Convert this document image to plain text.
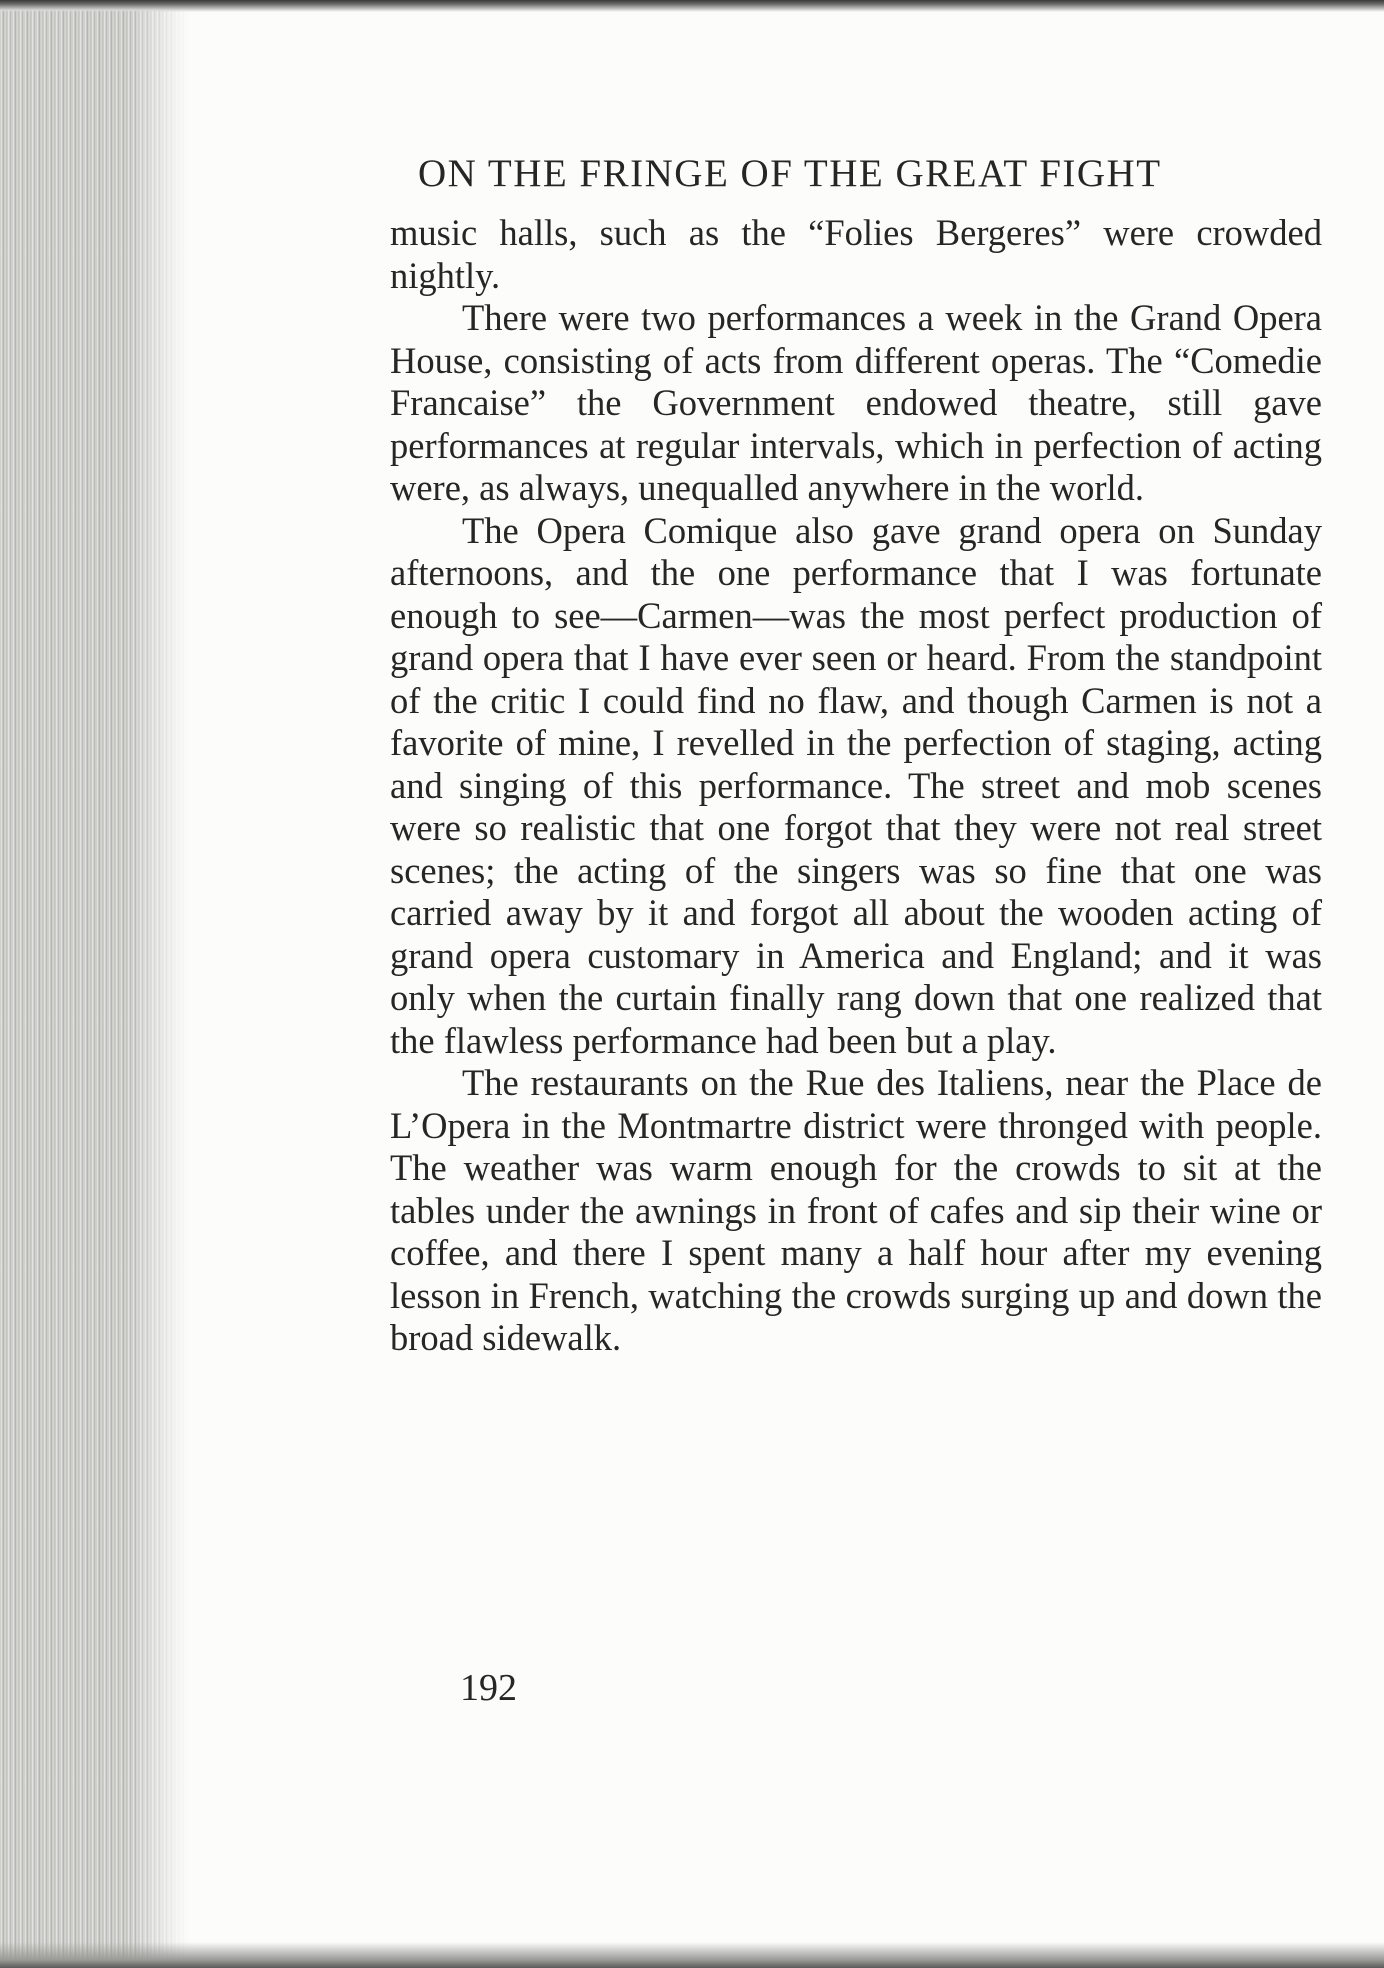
ON THE FRINGE OF THE GREAT FIGHT

music halls, such as the “Folies Bergeres” were crowded nightly.

There were two performances a week in the Grand Opera House, consisting of acts from different operas. The “Comedie Francaise” the Government endowed theatre, still gave performances at regular intervals, which in perfection of acting were, as always, unequalled anywhere in the world.

The Opera Comique also gave grand opera on Sunday afternoons, and the one performance that I was fortunate enough to see—Carmen—was the most perfect production of grand opera that I have ever seen or heard. From the standpoint of the critic I could find no flaw, and though Carmen is not a favorite of mine, I revelled in the perfection of staging, acting and singing of this performance. The street and mob scenes were so realistic that one forgot that they were not real street scenes; the acting of the singers was so fine that one was carried away by it and forgot all about the wooden acting of grand opera customary in America and England; and it was only when the curtain finally rang down that one realized that the flawless performance had been but a play.

The restaurants on the Rue des Italiens, near the Place de L’Opera in the Montmartre district were thronged with people. The weather was warm enough for the crowds to sit at the tables under the awnings in front of cafes and sip their wine or coffee, and there I spent many a half hour after my evening lesson in French, watching the crowds surging up and down the broad sidewalk.

192
